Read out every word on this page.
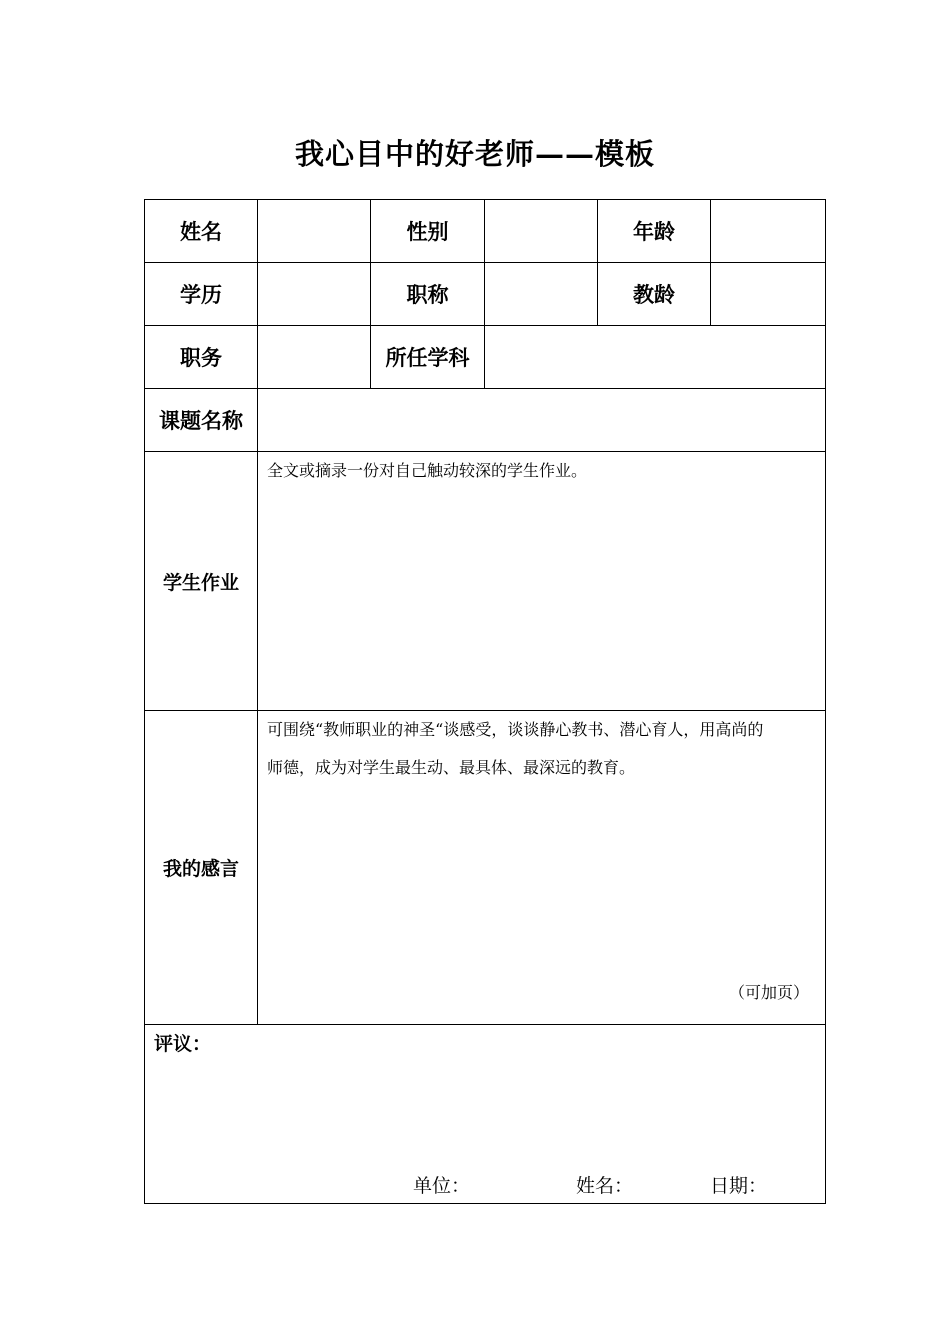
我心目中的好老师——模板
姓名		性别		年龄	
学历		职称		教龄	
职务		所任学科			
课题名称					
学生作业	全文或摘录一份对自己触动较深的学生作业。				

我的感言	可围绕“教师职业的神圣“谈感受，谈谈静心教书、潜心育人，用高尚的
师德，成为对学生最生动、最具体、最深远的教育。
（可加页）				

评议：
单位： 姓名： 日期：					
